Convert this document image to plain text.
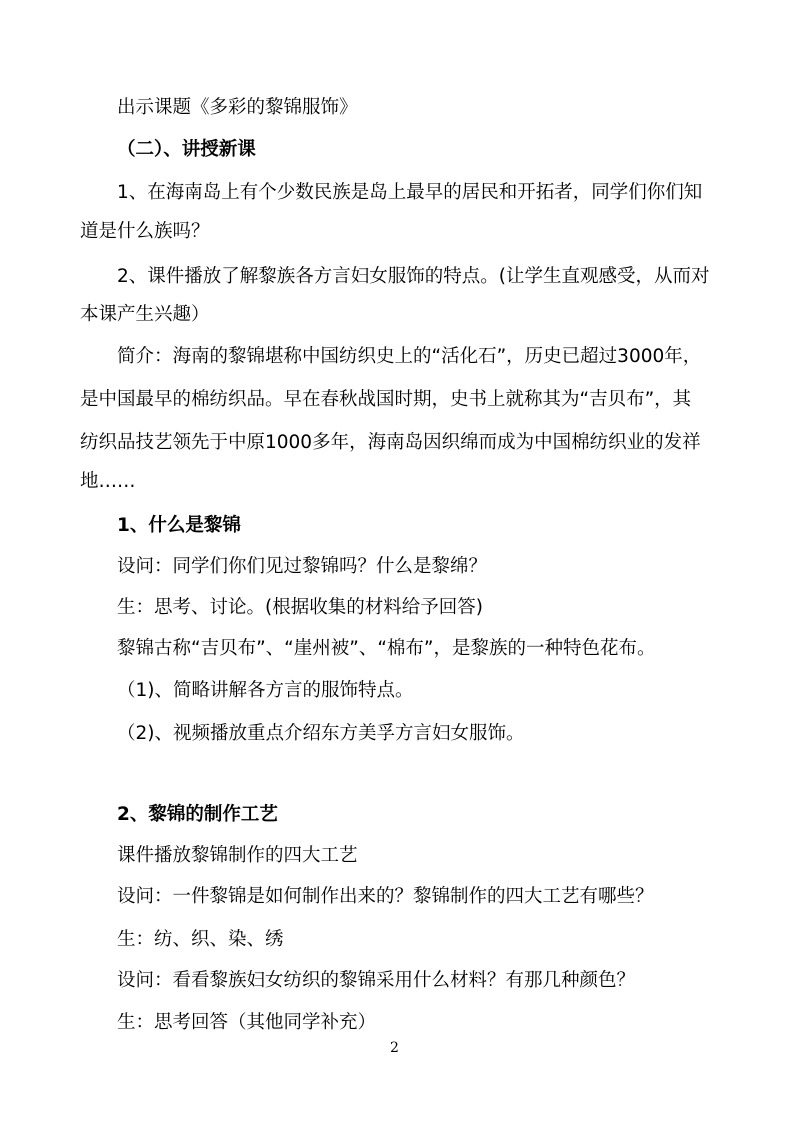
出示课题《多彩的黎锦服饰》
（二）、讲授新课
1、在海南岛上有个少数民族是岛上最早的居民和开拓者，同学们你们知
道是什么族吗？
2、课件播放了解黎族各方言妇女服饰的特点。(让学生直观感受，从而对
本课产生兴趣）
简介：海南的黎锦堪称中国纺织史上的“活化石”，历史已超过3000年，
是中国最早的棉纺织品。早在春秋战国时期，史书上就称其为“吉贝布”，其
纺织品技艺领先于中原1000多年，海南岛因织绵而成为中国棉纺织业的发祥
地……
1、什么是黎锦
设问：同学们你们见过黎锦吗？什么是黎绵？
生：思考、讨论。(根据收集的材料给予回答)
黎锦古称“吉贝布”、“崖州被”、“棉布”，是黎族的一种特色花布。
（1)、简略讲解各方言的服饰特点。
（2)、视频播放重点介绍东方美孚方言妇女服饰。
2、黎锦的制作工艺
课件播放黎锦制作的四大工艺
设问：一件黎锦是如何制作出来的？黎锦制作的四大工艺有哪些？
生：纺、织、染、绣
设问：看看黎族妇女纺织的黎锦采用什么材料？有那几种颜色？
生：思考回答（其他同学补充）
2
